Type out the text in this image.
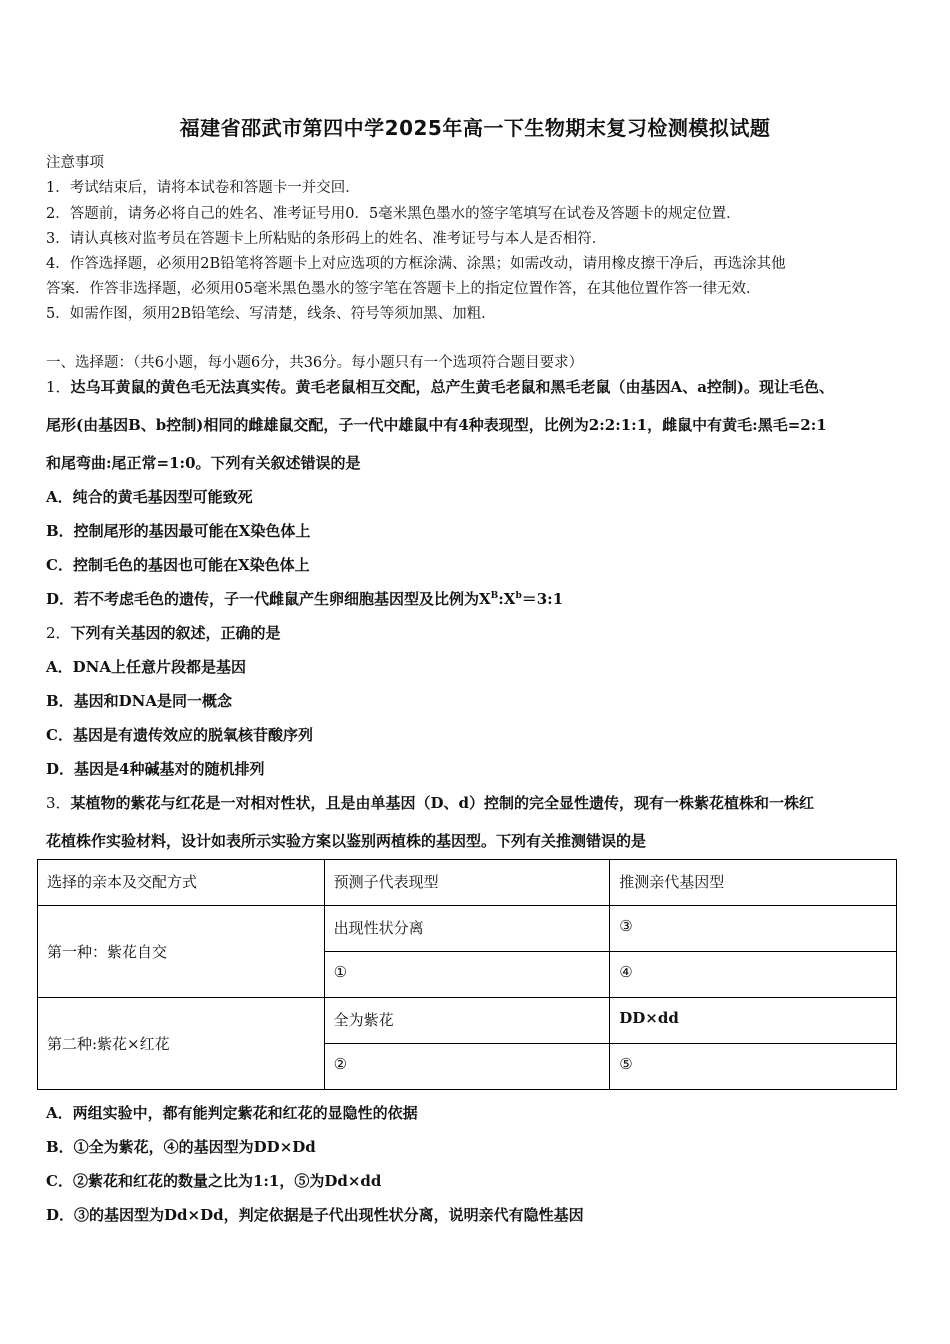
福建省邵武市第四中学2025年高一下生物期末复习检测模拟试题
注意事项
1．考试结束后，请将本试卷和答题卡一并交回．
2．答题前，请务必将自己的姓名、准考证号用0．5毫米黑色墨水的签字笔填写在试卷及答题卡的规定位置．
3．请认真核对监考员在答题卡上所粘贴的条形码上的姓名、准考证号与本人是否相符．
4．作答选择题，必须用2B铅笔将答题卡上对应选项的方框涂满、涂黑；如需改动，请用橡皮擦干净后，再选涂其他
答案．作答非选择题，必须用05毫米黑色墨水的签字笔在答题卡上的指定位置作答，在其他位置作答一律无效．
5．如需作图，须用2B铅笔绘、写清楚，线条、符号等须加黑、加粗．
一、选择题：（共6小题，每小题6分，共36分。每小题只有一个选项符合题目要求）
1．达乌耳黄鼠的黄色毛无法真实传。黄毛老鼠相互交配，总产生黄毛老鼠和黑毛老鼠（由基因A、a控制)。现让毛色、
尾形(由基因B、b控制)相同的雌雄鼠交配，子一代中雄鼠中有4种表现型，比例为2:2:1:1，雌鼠中有黄毛:黑毛=2:1
和尾弯曲:尾正常=1:0。下列有关叙述错误的是
A．纯合的黄毛基因型可能致死
B．控制尾形的基因最可能在X染色体上
C．控制毛色的基因也可能在X染色体上
D．若不考虑毛色的遗传，子一代雌鼠产生卵细胞基因型及比例为$X^B:X^b=3:1$
2．下列有关基因的叙述，正确的是
A．DNA上任意片段都是基因
B．基因和DNA是同一概念
C．基因是有遗传效应的脱氧核苷酸序列
D．基因是4种碱基对的随机排列
3．某植物的紫花与红花是一对相对性状，且是由单基因（D、d）控制的完全显性遗传，现有一株紫花植株和一株红
花植株作实验材料，设计如表所示实验方案以鉴别两植株的基因型。下列有关推测错误的是
选择的亲本及交配方式	预测子代表现型	推测亲代基因型
第一种：紫花自交	出现性状分离	③
	①	④
第二种:紫花×红花	全为紫花	DD×dd
	②	⑤
A．两组实验中，都有能判定紫花和红花的显隐性的依据
B．①全为紫花，④的基因型为DD×Dd
C．②紫花和红花的数量之比为1:1，⑤为Dd×dd
D．③的基因型为Dd×Dd，判定依据是子代出现性状分离，说明亲代有隐性基因
